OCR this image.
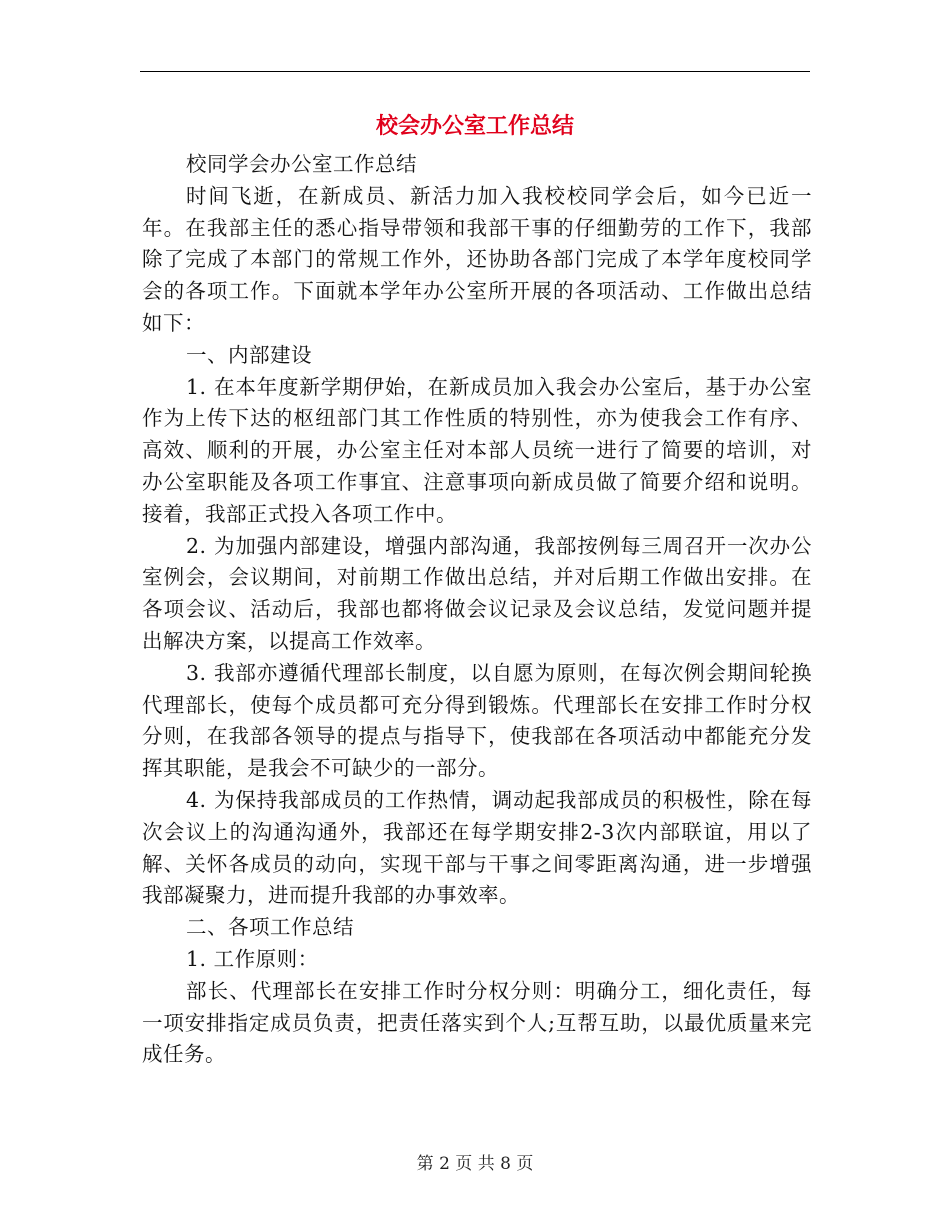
校会办公室工作总结

校同学会办公室工作总结

时间飞逝，在新成员、新活力加入我校校同学会后，如今已近一年。在我部主任的悉心指导带领和我部干事的仔细勤劳的工作下，我部除了完成了本部门的常规工作外，还协助各部门完成了本学年度校同学会的各项工作。下面就本学年办公室所开展的各项活动、工作做出总结如下：

一、内部建设

1. 在本年度新学期伊始，在新成员加入我会办公室后，基于办公室作为上传下达的枢纽部门其工作性质的特别性，亦为使我会工作有序、高效、顺利的开展，办公室主任对本部人员统一进行了简要的培训，对办公室职能及各项工作事宜、注意事项向新成员做了简要介绍和说明。接着，我部正式投入各项工作中。

2. 为加强内部建设，增强内部沟通，我部按例每三周召开一次办公室例会，会议期间，对前期工作做出总结，并对后期工作做出安排。在各项会议、活动后，我部也都将做会议记录及会议总结，发觉问题并提出解决方案，以提高工作效率。

3. 我部亦遵循代理部长制度，以自愿为原则，在每次例会期间轮换代理部长，使每个成员都可充分得到锻炼。代理部长在安排工作时分权分则，在我部各领导的提点与指导下，使我部在各项活动中都能充分发挥其职能，是我会不可缺少的一部分。

4. 为保持我部成员的工作热情，调动起我部成员的积极性，除在每次会议上的沟通沟通外，我部还在每学期安排2-3次内部联谊，用以了解、关怀各成员的动向，实现干部与干事之间零距离沟通，进一步增强我部凝聚力，进而提升我部的办事效率。

二、各项工作总结

1. 工作原则：

部长、代理部长在安排工作时分权分则：明确分工，细化责任，每一项安排指定成员负责，把责任落实到个人;互帮互助，以最优质量来完成任务。

第 2 页 共 8 页
